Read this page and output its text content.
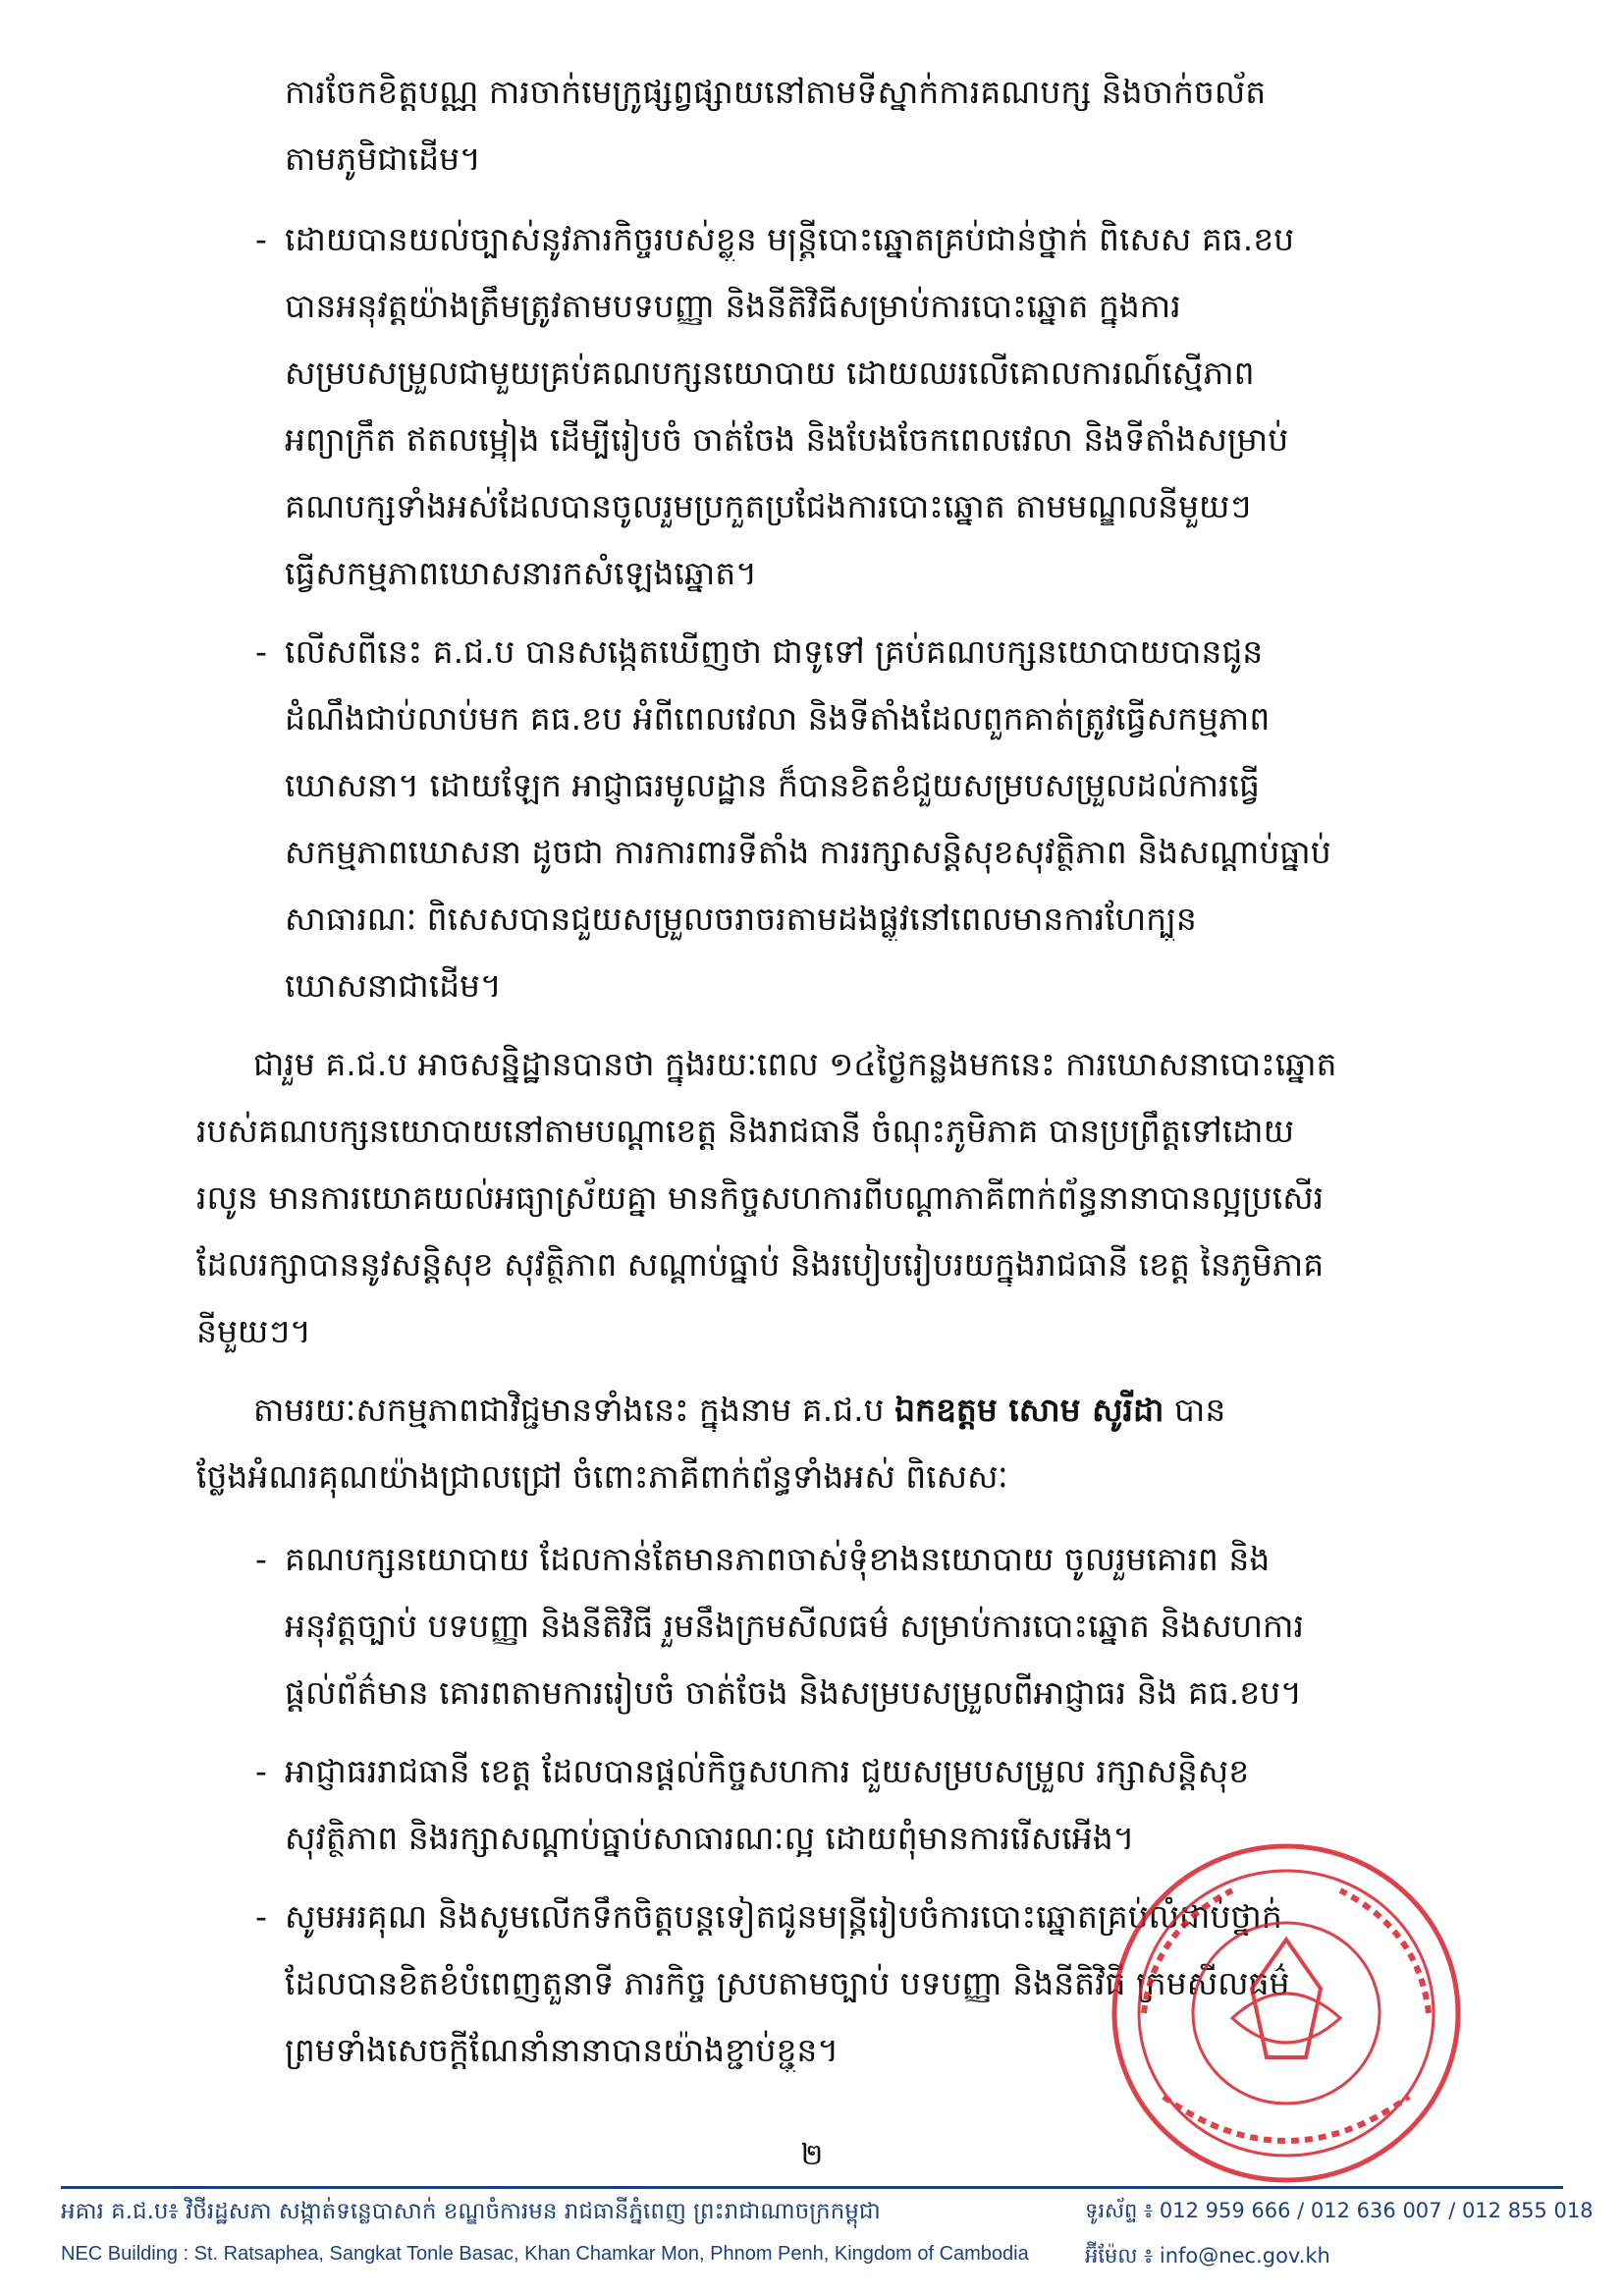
ការចែកខិត្តបណ្ណ ការចាក់មេក្រូផ្សព្វផ្សាយនៅតាមទីស្នាក់ការគណបក្ស និងចាក់ចល័ត
តាមភូមិជាដើម។
- ដោយបានយល់ច្បាស់នូវភារកិច្ចរបស់ខ្លួន មន្ត្រីបោះឆ្នោតគ្រប់ជាន់ថ្នាក់ ពិសេស គធ.ខប
បានអនុវត្តយ៉ាងត្រឹមត្រូវតាមបទបញ្ញា និងនីតិវិធីសម្រាប់ការបោះឆ្នោត ក្នុងការ
សម្របសម្រួលជាមួយគ្រប់គណបក្សនយោបាយ ដោយឈរលើគោលការណ៍ស្មើភាព
អព្យាក្រឹត ឥតលម្អៀង ដើម្បីរៀបចំ ចាត់ចែង និងបែងចែកពេលវេលា និងទីតាំងសម្រាប់
គណបក្សទាំងអស់ដែលបានចូលរួមប្រកួតប្រជែងការបោះឆ្នោត តាមមណ្ឌលនីមួយៗ
ធ្វើសកម្មភាពឃោសនារកសំឡេងឆ្នោត។
- លើសពីនេះ គ.ជ.ប បានសង្កេតឃើញថា ជាទូទៅ គ្រប់គណបក្សនយោបាយបានជូន
ដំណឹងជាប់លាប់មក គធ.ខប អំពីពេលវេលា និងទីតាំងដែលពួកគាត់ត្រូវធ្វើសកម្មភាព
ឃោសនា។ ដោយឡែក អាជ្ញាធរមូលដ្ឋាន ក៏បានខិតខំជួយសម្របសម្រួលដល់ការធ្វើ
សកម្មភាពឃោសនា ដូចជា ការការពារទីតាំង ការរក្សាសន្តិសុខសុវត្ថិភាព និងសណ្តាប់ធ្នាប់
សាធារណៈ ពិសេសបានជួយសម្រួលចរាចរតាមដងផ្លូវនៅពេលមានការហែក្បួន
ឃោសនាជាដើម។
ជារួម គ.ជ.ប អាចសន្និដ្ឋានបានថា ក្នុងរយៈពេល ១៤ថ្ងៃកន្លងមកនេះ ការឃោសនាបោះឆ្នោត
របស់គណបក្សនយោបាយនៅតាមបណ្តាខេត្ត និងរាជធានី ចំណុះភូមិភាគ បានប្រព្រឹត្តទៅដោយ
រលូន មានការយោគយល់អធ្យាស្រ័យគ្នា មានកិច្ចសហការពីបណ្តាភាគីពាក់ព័ន្ធនានាបានល្អប្រសើរ
ដែលរក្សាបាននូវសន្តិសុខ សុវត្ថិភាព សណ្តាប់ធ្នាប់ និងរបៀបរៀបរយក្នុងរាជធានី ខេត្ត នៃភូមិភាគ
នីមួយៗ។
តាមរយៈសកម្មភាពជាវិជ្ជមានទាំងនេះ ក្នុងនាម គ.ជ.ប ឯកឧត្តម សោម សូរីដា បាន
ថ្លែងអំណរគុណយ៉ាងជ្រាលជ្រៅ ចំពោះភាគីពាក់ព័ន្ធទាំងអស់ ពិសេសៈ
- គណបក្សនយោបាយ ដែលកាន់តែមានភាពចាស់ទុំខាងនយោបាយ ចូលរួមគោរព និង
អនុវត្តច្បាប់ បទបញ្ញា និងនីតិវិធី រួមនឹងក្រមសីលធម៌ សម្រាប់ការបោះឆ្នោត និងសហការ
ផ្តល់ព័ត៌មាន គោរពតាមការរៀបចំ ចាត់ចែង និងសម្របសម្រួលពីអាជ្ញាធរ និង គធ.ខប។
- អាជ្ញាធររាជធានី ខេត្ត ដែលបានផ្តល់កិច្ចសហការ ជួយសម្របសម្រួល រក្សាសន្តិសុខ
សុវត្ថិភាព និងរក្សាសណ្តាប់ធ្នាប់សាធារណៈល្អ ដោយពុំមានការរើសអើង។
- សូមអរគុណ និងសូមលើកទឹកចិត្តបន្តទៀតជូនមន្ត្រីរៀបចំការបោះឆ្នោតគ្រប់លំដាប់ថ្នាក់
ដែលបានខិតខំបំពេញតួនាទី ភារកិច្ច ស្របតាមច្បាប់ បទបញ្ញា និងនីតិវិធី ក្រមសីលធម៌
ព្រមទាំងសេចក្តីណែនាំនានាបានយ៉ាងខ្ជាប់ខ្ជួន។
២
អគារ គ.ជ.ប៖ វិថីរដ្ឋសភា សង្កាត់ទន្លេបាសាក់ ខណ្ឌចំការមន រាជធានីភ្នំពេញ ព្រះរាជាណាចក្រកម្ពុជា
NEC Building : St. Ratsaphea, Sangkat Tonle Basac, Khan Chamkar Mon, Phnom Penh, Kingdom of Cambodia
ទូរស័ព្ទ ៖ 012 959 666 / 012 636 007 / 012 855 018
អ៊ីម៉ែល ៖ info@nec.gov.kh
